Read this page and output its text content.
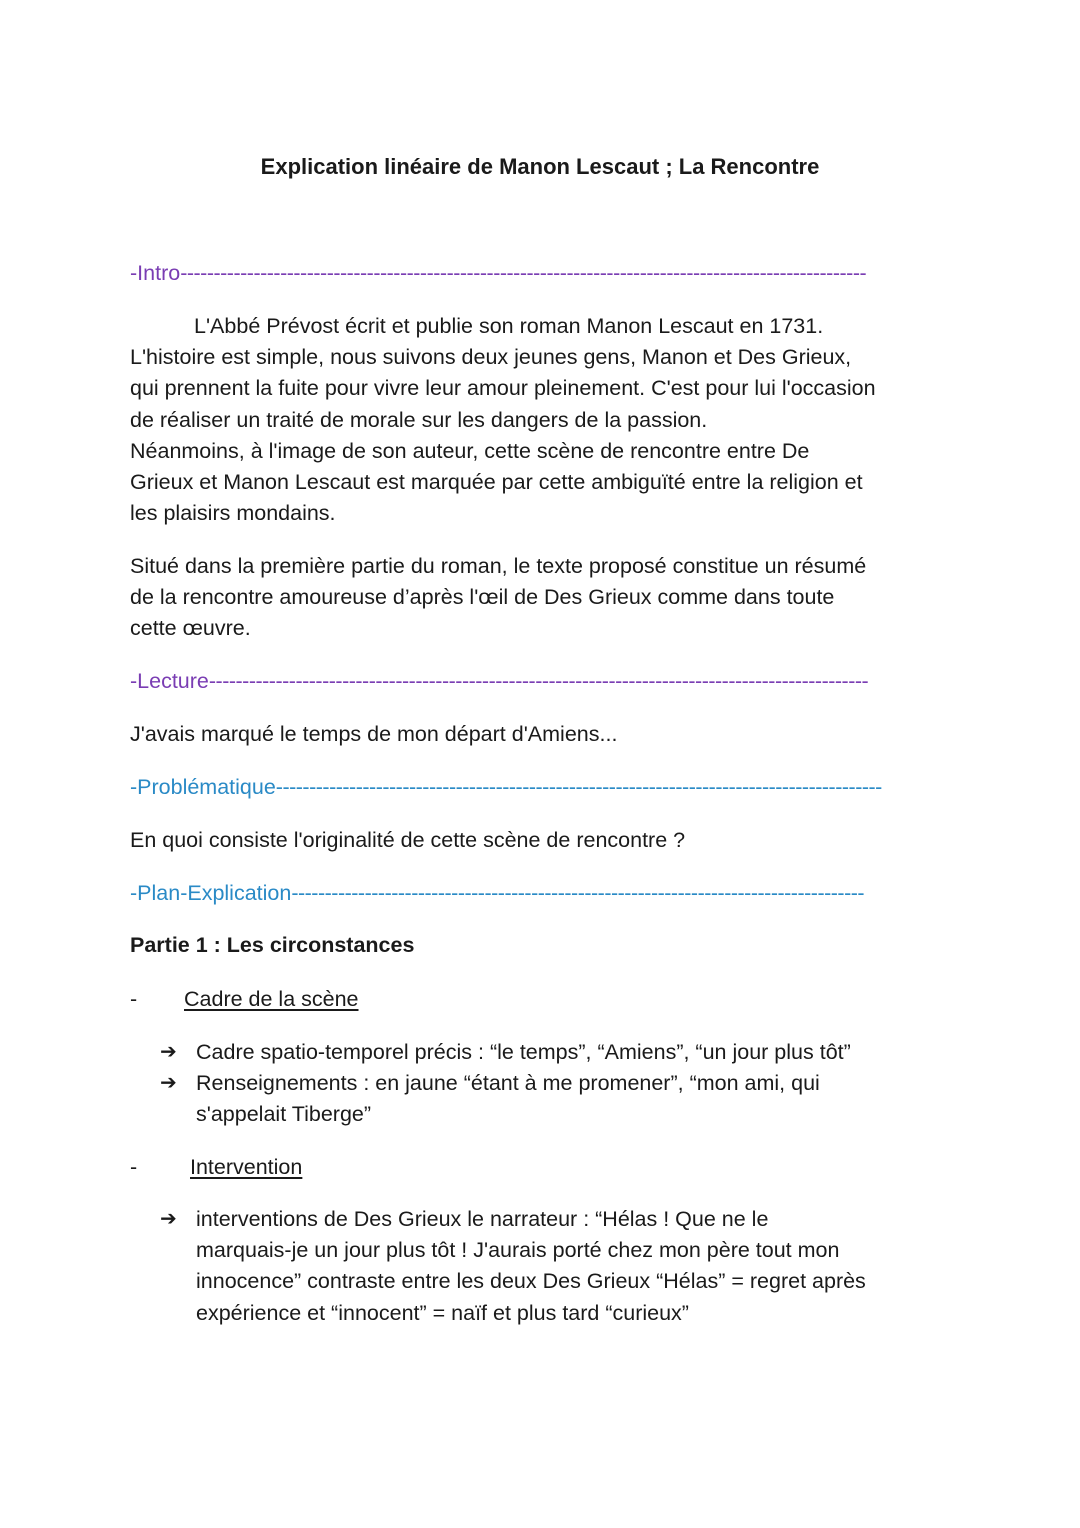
Explication linéaire de Manon Lescaut ; La Rencontre
-Intro-------------------------------------------------------------------------------------------------------
L'Abbé Prévost écrit et publie son roman Manon Lescaut en 1731.
L'histoire est simple, nous suivons deux jeunes gens, Manon et Des Grieux,
qui prennent la fuite pour vivre leur amour pleinement. C'est pour lui l'occasion
de réaliser un traité de morale sur les dangers de la passion.
Néanmoins, à l'image de son auteur, cette scène de rencontre entre De
Grieux et Manon Lescaut est marquée par cette ambiguïté entre la religion et
les plaisirs mondains.
Situé dans la première partie du roman, le texte proposé constitue un résumé
de la rencontre amoureuse d’après l'œil de Des Grieux comme dans toute
cette œuvre.
-Lecture---------------------------------------------------------------------------------------------------
J'avais marqué le temps de mon départ d'Amiens...
-Problématique-------------------------------------------------------------------------------------------
En quoi consiste l'originalité de cette scène de rencontre ?
-Plan-Explication--------------------------------------------------------------------------------------
Partie 1 : Les circonstances
- Cadre de la scène
➔ Cadre spatio-temporel précis : “le temps”, “Amiens”, “un jour plus tôt”
➔ Renseignements : en jaune “étant à me promener”, “mon ami, qui
s'appelait Tiberge”
- Intervention
➔ interventions de Des Grieux le narrateur : “Hélas ! Que ne le
marquais-je un jour plus tôt ! J'aurais porté chez mon père tout mon
innocence” contraste entre les deux Des Grieux “Hélas” = regret après
expérience et “innocent” = naïf et plus tard “curieux”
